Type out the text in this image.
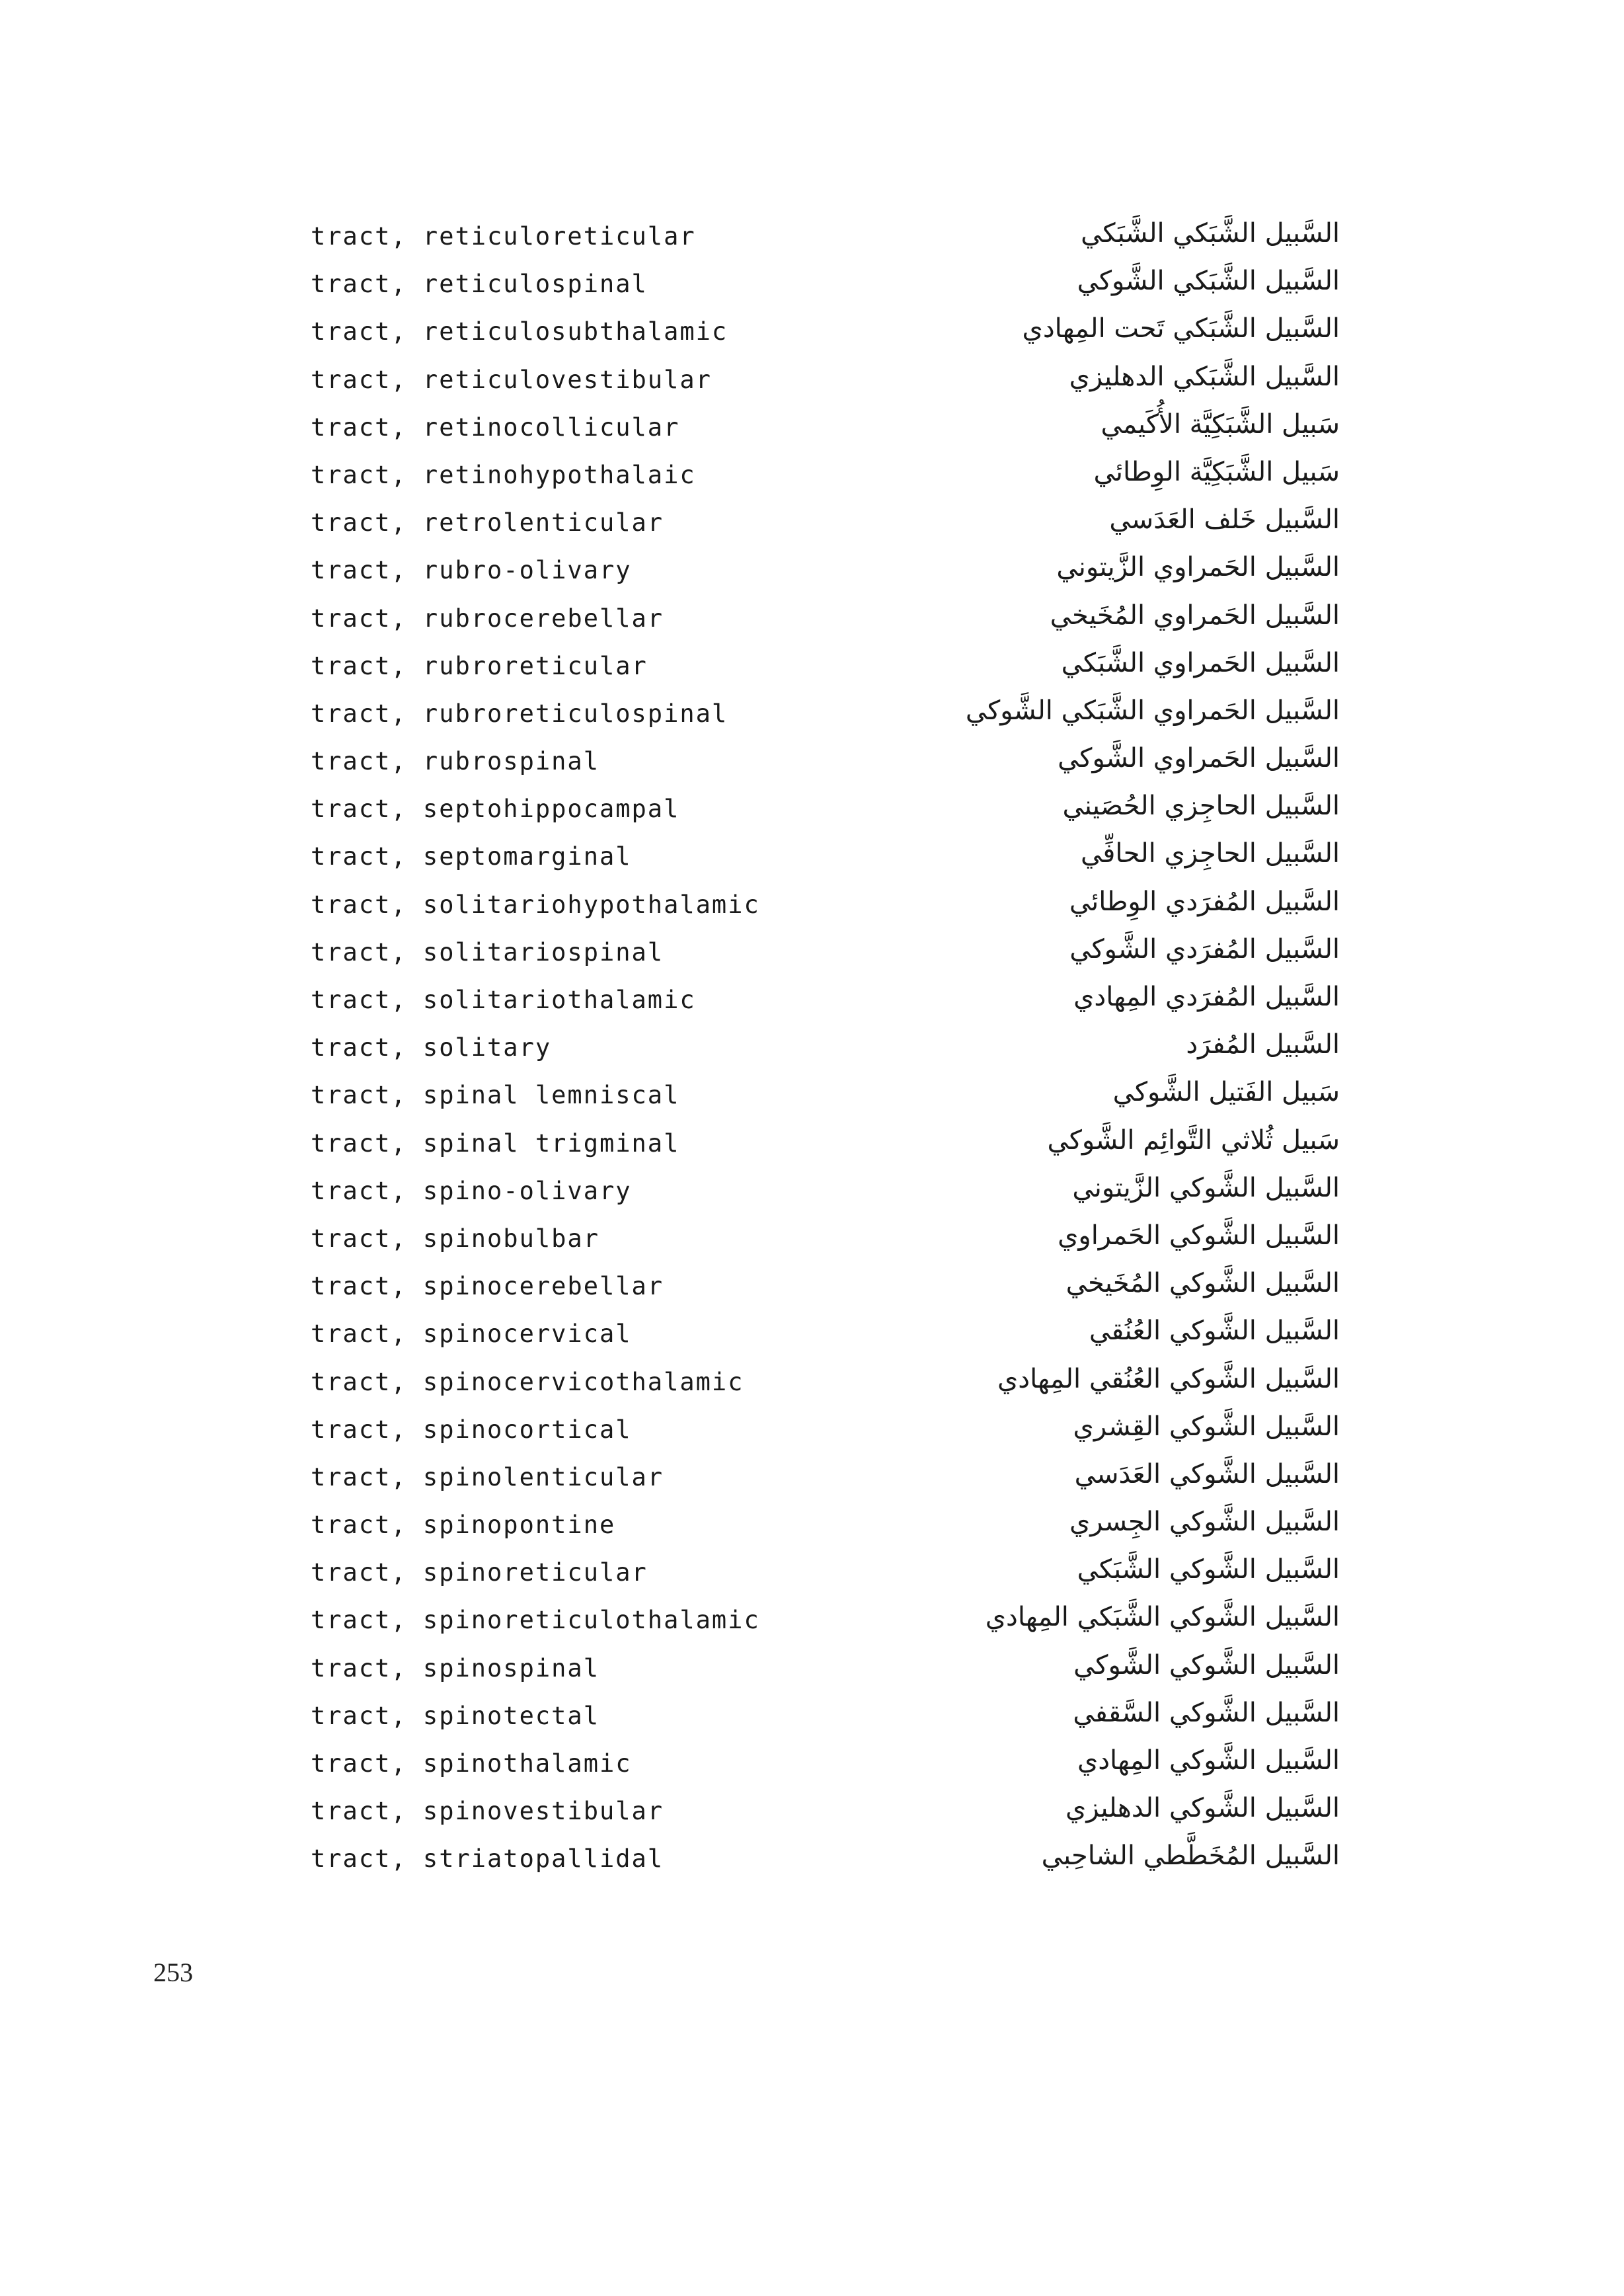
tract, reticuloreticular	السَّبيل الشَّبَكي الشَّبَكي
tract, reticulospinal	السَّبيل الشَّبَكي الشَّوكي
tract, reticulosubthalamic	السَّبيل الشَّبَكي تَحت المِهادي
tract, reticulovestibular	السَّبيل الشَّبَكي الدهليزي
tract, retinocollicular	سَبيل الشَّبَكِيَّة الأُكَيمي
tract, retinohypothalaic	سَبيل الشَّبَكِيَّة الوِطائي
tract, retrolenticular	السَّبيل خَلف العَدَسي
tract, rubro-olivary	السَّبيل الحَمراوي الزَّيتوني
tract, rubrocerebellar	السَّبيل الحَمراوي المُخَيخي
tract, rubroreticular	السَّبيل الحَمراوي الشَّبَكي
tract, rubroreticulospinal	السَّبيل الحَمراوي الشَّبَكي الشَّوكي
tract, rubrospinal	السَّبيل الحَمراوي الشَّوكي
tract, septohippocampal	السَّبيل الحاجِزي الحُصَيني
tract, septomarginal	السَّبيل الحاجِزي الحافِّي
tract, solitariohypothalamic	السَّبيل المُفرَدي الوِطائي
tract, solitariospinal	السَّبيل المُفرَدي الشَّوكي
tract, solitariothalamic	السَّبيل المُفرَدي المِهادي
tract, solitary	السَّبيل المُفرَد
tract, spinal lemniscal	سَبيل الفَتيل الشَّوكي
tract, spinal trigminal	سَبيل ثُلاثي التَّوائِم الشَّوكي
tract, spino-olivary	السَّبيل الشَّوكي الزَّيتوني
tract, spinobulbar	السَّبيل الشَّوكي الحَمراوي
tract, spinocerebellar	السَّبيل الشَّوكي المُخَيخي
tract, spinocervical	السَّبيل الشَّوكي العُنُقي
tract, spinocervicothalamic	السَّبيل الشَّوكي العُنُقي المِهادي
tract, spinocortical	السَّبيل الشَّوكي القِشري
tract, spinolenticular	السَّبيل الشَّوكي العَدَسي
tract, spinopontine	السَّبيل الشَّوكي الجِسري
tract, spinoreticular	السَّبيل الشَّوكي الشَّبَكي
tract, spinoreticulothalamic	السَّبيل الشَّوكي الشَّبَكي المِهادي
tract, spinospinal	السَّبيل الشَّوكي الشَّوكي
tract, spinotectal	السَّبيل الشَّوكي السَّقفي
tract, spinothalamic	السَّبيل الشَّوكي المِهادي
tract, spinovestibular	السَّبيل الشَّوكي الدهليزي
tract, striatopallidal	السَّبيل المُخَطَّطي الشاحِبي
253
